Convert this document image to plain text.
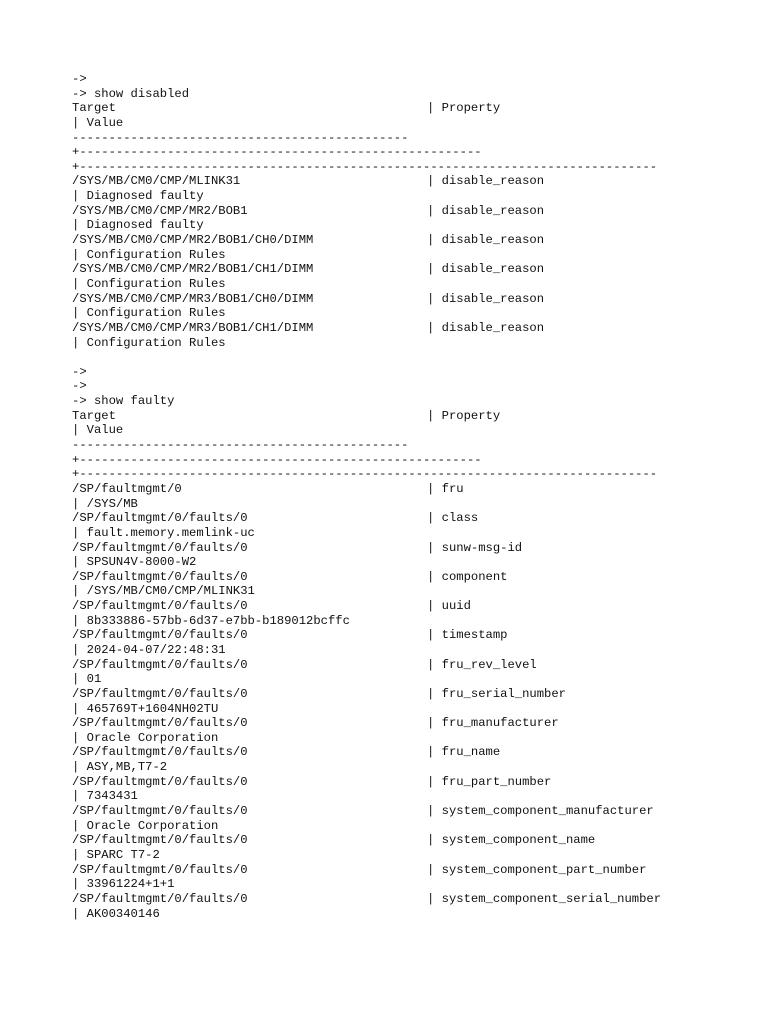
->
-> show disabled

Target

	| Property

| Value
----------------------------------------------
+-------------------------------------------------------
+-------------------------------------------------------------------------------
/SYS/MB/CM0/CMP/MLINK31	| disable_reason
| Diagnosed faulty
/SYS/MB/CM0/CMP/MR2/BOB1	| disable_reason
| Diagnosed faulty
/SYS/MB/CM0/CMP/MR2/BOB1/CH0/DIMM	| disable_reason
| Configuration Rules
/SYS/MB/CM0/CMP/MR2/BOB1/CH1/DIMM	| disable_reason
| Configuration Rules
/SYS/MB/CM0/CMP/MR3/BOB1/CH0/DIMM	| disable_reason
| Configuration Rules
/SYS/MB/CM0/CMP/MR3/BOB1/CH1/DIMM	| disable_reason
| Configuration Rules
->
->
-> show faulty

Target

	| Property

| Value
----------------------------------------------
+-------------------------------------------------------
+-------------------------------------------------------------------------------
/SP/faultmgmt/0	| fru
| /SYS/MB
/SP/faultmgmt/0/faults/0	| class
| fault.memory.memlink-uc
/SP/faultmgmt/0/faults/0	| sunw-msg-id
| SPSUN4V-8000-W2
/SP/faultmgmt/0/faults/0	| component
| /SYS/MB/CM0/CMP/MLINK31
/SP/faultmgmt/0/faults/0	| uuid
| 8b333886-57bb-6d37-e7bb-b189012bcffc
/SP/faultmgmt/0/faults/0	| timestamp
| 2024-04-07/22:48:31
/SP/faultmgmt/0/faults/0	| fru_rev_level
| 01
/SP/faultmgmt/0/faults/0	| fru_serial_number
| 465769T+1604NH02TU
/SP/faultmgmt/0/faults/0	| fru_manufacturer
| Oracle Corporation
/SP/faultmgmt/0/faults/0	| fru_name
| ASY,MB,T7-2
/SP/faultmgmt/0/faults/0	| fru_part_number
| 7343431
/SP/faultmgmt/0/faults/0	| system_component_manufacturer
| Oracle Corporation
/SP/faultmgmt/0/faults/0	| system_component_name
| SPARC T7-2
/SP/faultmgmt/0/faults/0	| system_component_part_number
| 33961224+1+1
/SP/faultmgmt/0/faults/0	| system_component_serial_number
| AK00340146
